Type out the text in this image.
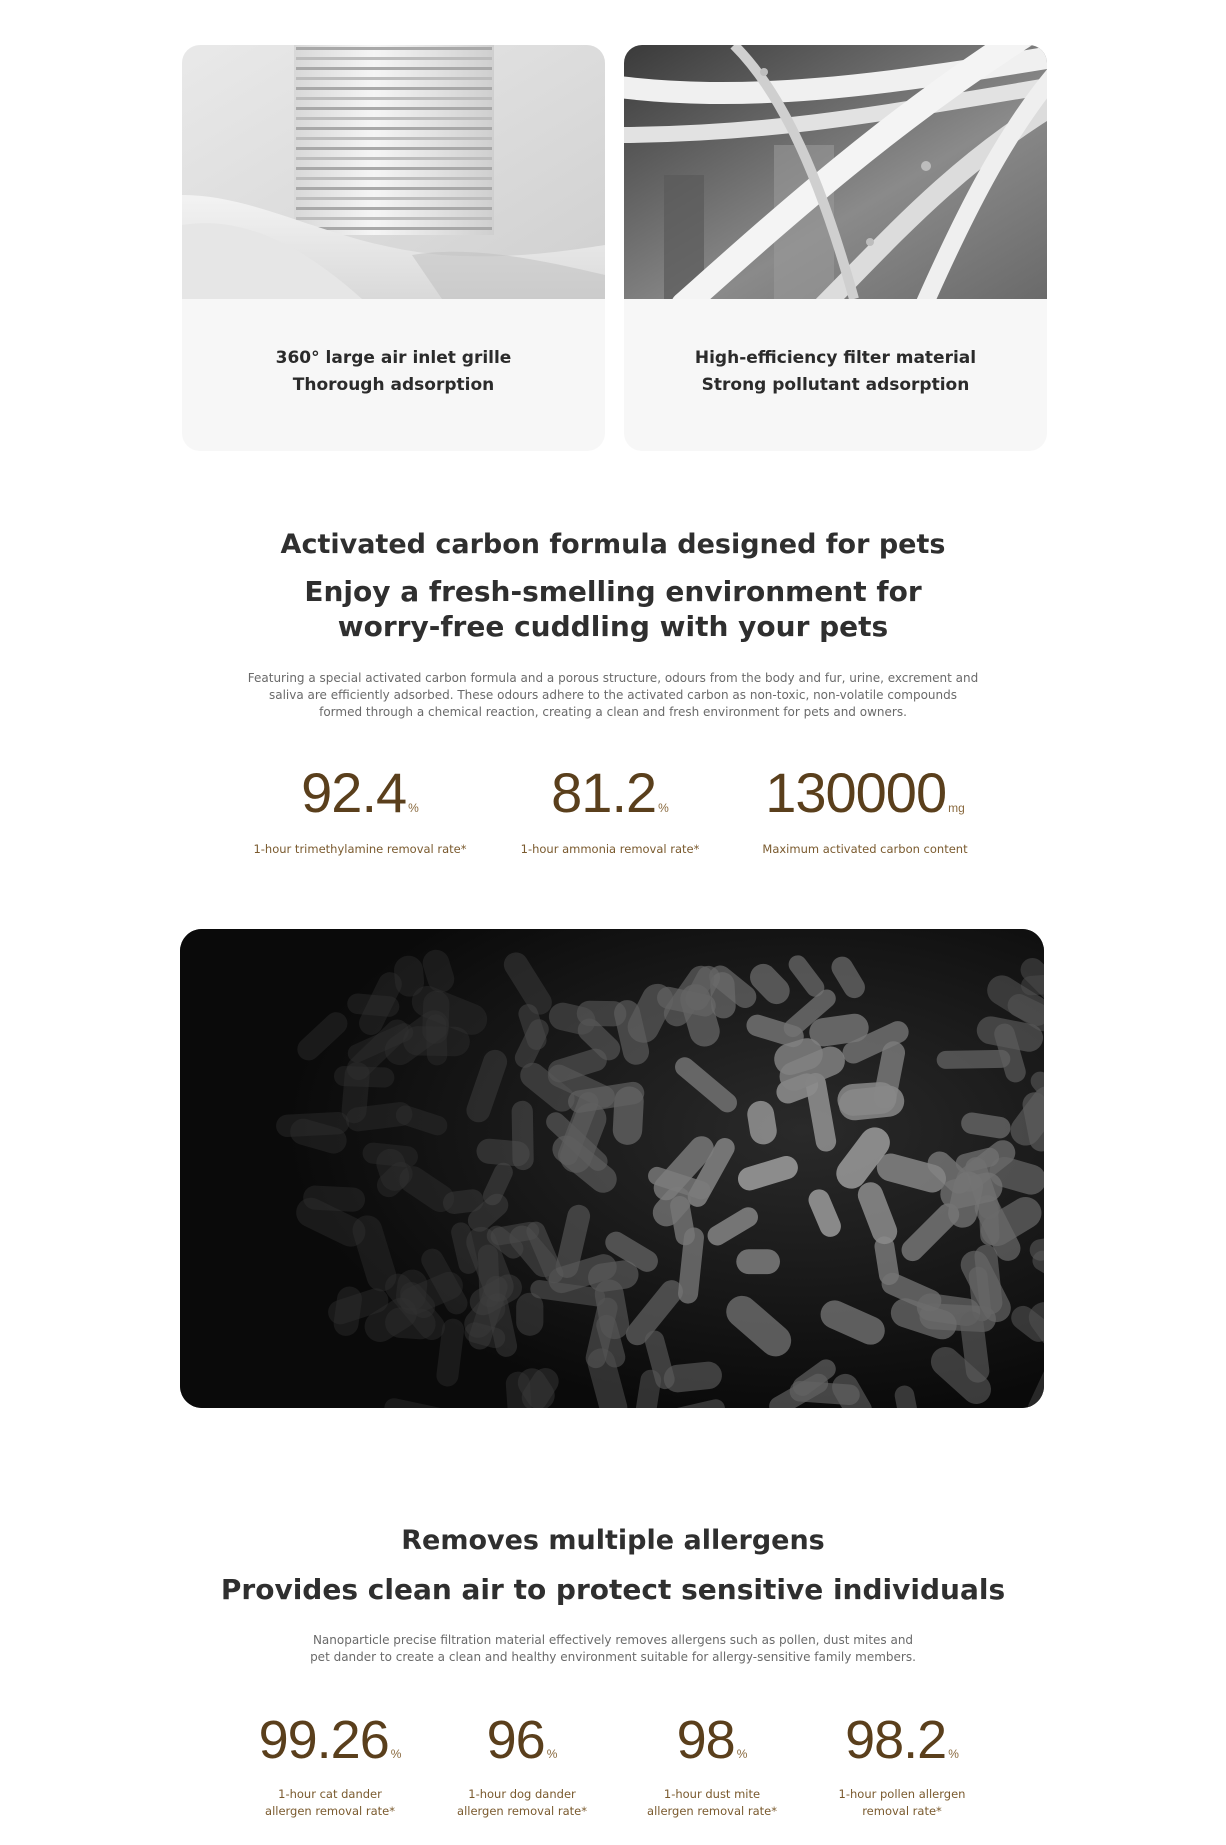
360° large air inlet grille
Thorough adsorption
High-efficiency filter material
Strong pollutant adsorption
Activated carbon formula designed for pets
Enjoy a fresh-smelling environment for
worry-free cuddling with your pets
Featuring a special activated carbon formula and a porous structure, odours from the body and fur, urine, excrement and
saliva are efficiently adsorbed. These odours adhere to the activated carbon as non-toxic, non-volatile compounds
formed through a chemical reaction, creating a clean and fresh environment for pets and owners.
92.4 %
1-hour trimethylamine removal rate*
81.2 %
1-hour ammonia removal rate*
130000 mg
Maximum activated carbon content
Removes multiple allergens
Provides clean air to protect sensitive individuals
Nanoparticle precise filtration material effectively removes allergens such as pollen, dust mites and
pet dander to create a clean and healthy environment suitable for allergy-sensitive family members.
99.26 %
1-hour cat dander
allergen removal rate*
96 %
1-hour dog dander
allergen removal rate*
98 %
1-hour dust mite
allergen removal rate*
98.2 %
1-hour pollen allergen
removal rate*
